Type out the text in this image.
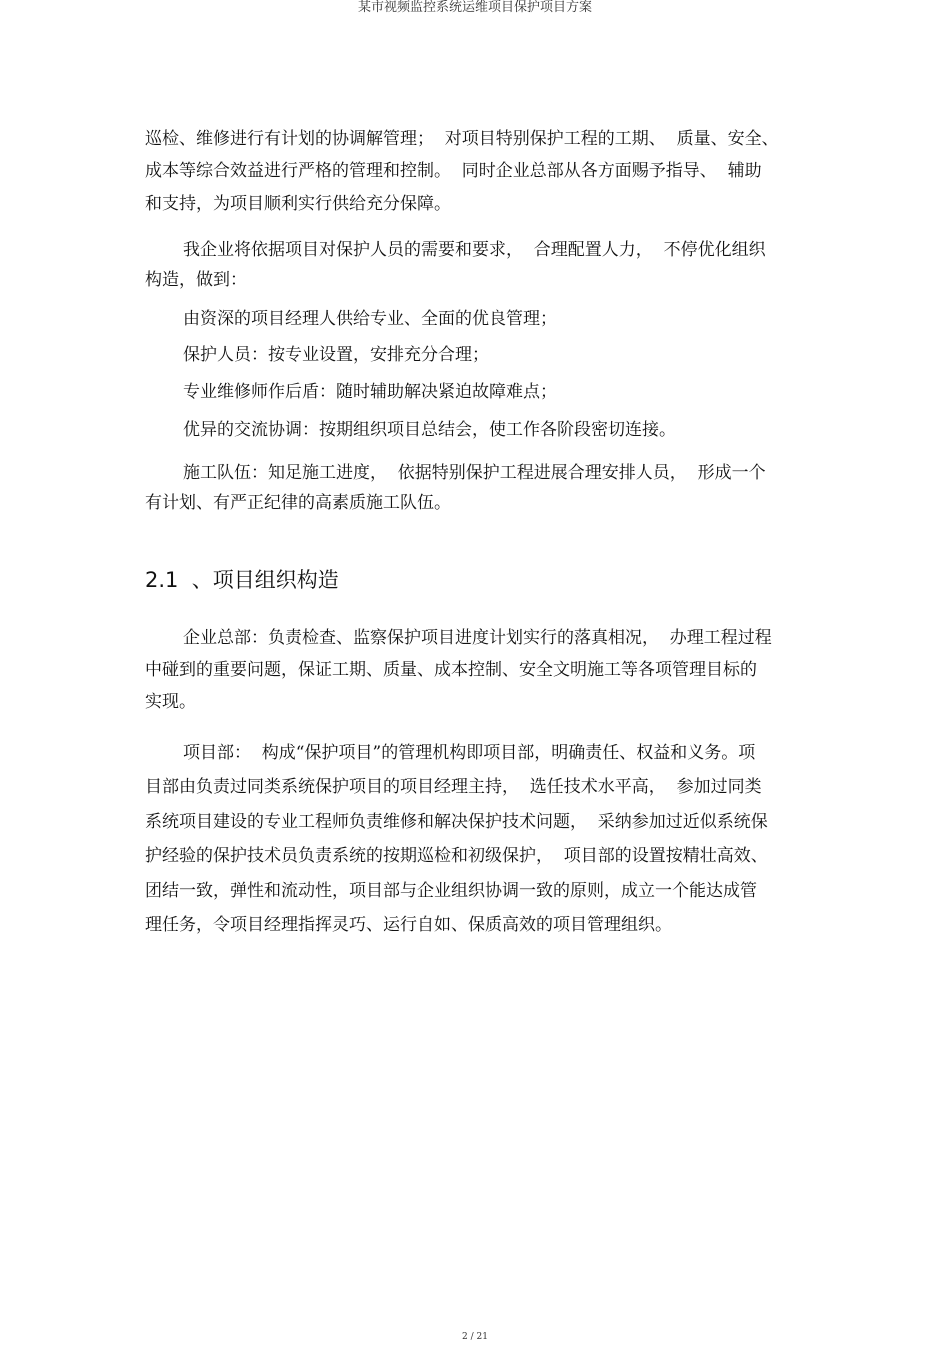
某市视频监控系统运维项目保护项目方案
巡检、维修进行有计划的协调解管理；  对项目特别保护工程的工期、  质量、安全、
成本等综合效益进行严格的管理和控制。  同时企业总部从各方面赐予指导、  辅助
和支持，为项目顺利实行供给充分保障。
我企业将依据项目对保护人员的需要和要求，  合理配置人力，  不停优化组织
构造，做到：
由资深的项目经理人供给专业、全面的优良管理；
保护人员：按专业设置，安排充分合理；
专业维修师作后盾：随时辅助解决紧迫故障难点；
优异的交流协调：按期组织项目总结会，使工作各阶段密切连接。
施工队伍：知足施工进度，  依据特别保护工程进展合理安排人员，  形成一个
有计划、有严正纪律的高素质施工队伍。
2.1  、项目组织构造
企业总部：负责检查、监察保护项目进度计划实行的落真相况，  办理工程过程
中碰到的重要问题，保证工期、质量、成本控制、安全文明施工等各项管理目标的
实现。
项目部：  构成“保护项目”的管理机构即项目部，明确责任、权益和义务。项
目部由负责过同类系统保护项目的项目经理主持，  选任技术水平高，  参加过同类
系统项目建设的专业工程师负责维修和解决保护技术问题，  采纳参加过近似系统保
护经验的保护技术员负责系统的按期巡检和初级保护，  项目部的设置按精壮高效、
团结一致，弹性和流动性，项目部与企业组织协调一致的原则，成立一个能达成管
理任务，令项目经理指挥灵巧、运行自如、保质高效的项目管理组织。
2 / 21
